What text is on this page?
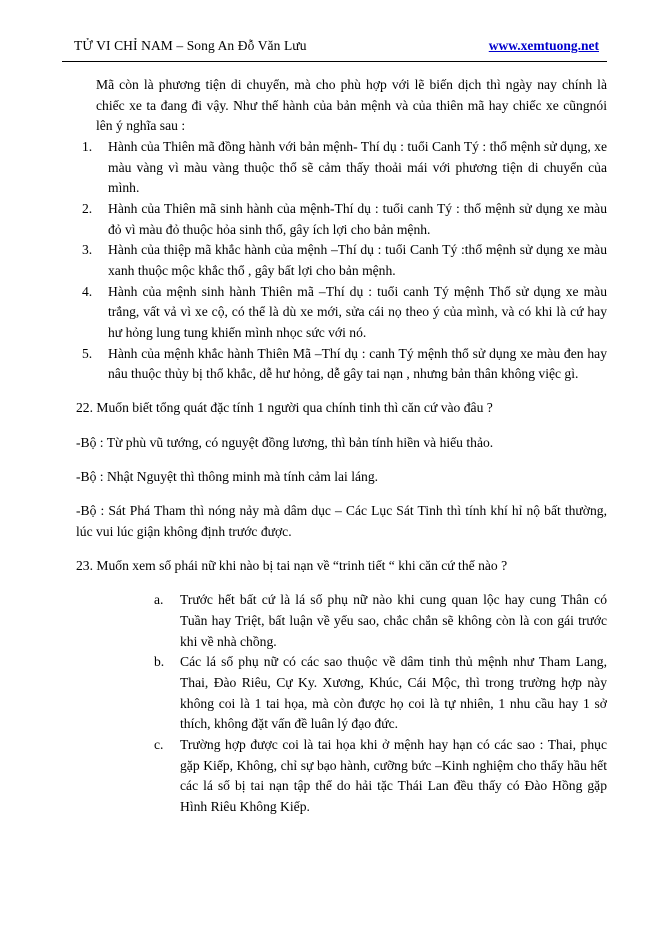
TỬ VI CHỈ NAM – Song An Đỗ Văn Lưu	www.xemtuong.net

Mã còn là phương tiện di chuyển, mà cho phù hợp với lẽ biến dịch thì ngày nay chính là chiếc xe ta đang đi vậy. Như thế hành của bản mệnh và của thiên mã hay chiếc xe cũngnói lên ý nghĩa sau :

1.	Hành của Thiên mã đồng hành với bản mệnh- Thí dụ : tuổi Canh Tý : thổ mệnh sử dụng, xe màu vàng vì màu vàng thuộc thổ sẽ cảm thấy thoải mái với phương tiện di chuyển của mình.
2.	Hành của Thiên mã sinh hành của mệnh-Thí dụ : tuổi canh Tý : thổ mệnh sử dụng xe màu đỏ vì màu đỏ thuộc hỏa sinh thổ, gây ích lợi cho bản mệnh.
3.	Hành của thiệp mã khắc hành của mệnh –Thí dụ : tuổi Canh Tý :thổ mệnh sử dụng xe màu xanh thuộc mộc khắc thổ , gây bất lợi cho bản mệnh.
4.	Hành của mệnh sinh hành Thiên mã –Thí dụ : tuổi canh Tý mệnh Thổ sử dụng xe màu trắng, vất vả vì xe cộ, có thể là dù xe mới, sửa cái nọ theo ý của mình, và có khi là cứ hay hư hỏng lung tung khiến mình nhọc sức với nó.
5.	Hành của mệnh khắc hành Thiên Mã –Thí dụ : canh Tý mệnh thổ sử dụng xe màu đen hay nâu thuộc thủy bị thổ khắc, dễ hư hỏng, dễ gây tai nạn , nhưng bản thân không việc gì.

22. Muốn biết tổng quát đặc tính 1 người qua chính tinh thì căn cứ vào đâu ?

-Bộ : Từ phù vũ tướng, có nguyệt đồng lương, thì bản tính hiền và hiếu thảo.

-Bộ : Nhật Nguyệt thì thông minh mà tính cảm lai láng.

-Bộ : Sát Phá Tham thì nóng nảy mà dâm dục – Các Lục Sát Tinh thì tính khí hỉ nộ bất thường, lúc vui lúc giận không định trước được.

23. Muốn xem số phái nữ khi nào bị tai nạn về “trinh tiết “ khi căn cứ thế nào ?

a.	Trước hết bất cứ là lá số phụ nữ nào khi cung quan lộc hay cung Thân có Tuần hay Triệt, bất luận về yếu sao, chắc chắn sẽ không còn là con gái trước khi về nhà chồng.
b.	Các lá số phụ nữ có các sao thuộc về dâm tinh thủ mệnh như Tham Lang, Thai, Đào Riêu, Cự Ky. Xương, Khúc, Cái Mộc, thì trong trường hợp này không coi là 1 tai họa, mà còn được họ coi là tự nhiên, 1 nhu cầu hay 1 sở thích, không đặt vấn đề luân lý đạo đức.
c.	Trường hợp được coi là tai họa khi ở mệnh hay hạn có các sao : Thai, phục gặp Kiếp, Không, chỉ sự bạo hành, cưỡng bức –Kinh nghiệm cho thấy hầu hết các lá số bị tai nạn tập thể do hải tặc Thái Lan đều thấy có Đào Hồng gặp Hình Riêu Không Kiếp.
